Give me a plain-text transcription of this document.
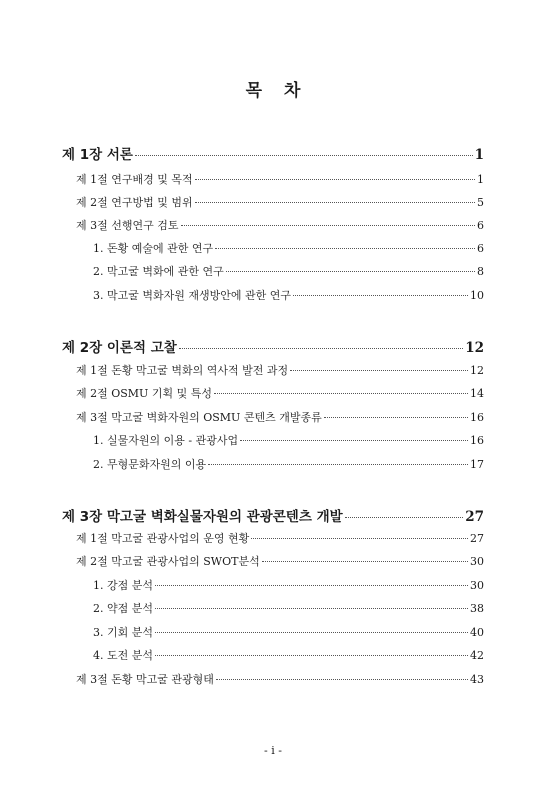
목 차
제 1장 서론	1
제 1절 연구배경 및 목적	1
제 2절 연구방법 및 범위	5
제 3절 선행연구 검토	6
1. 돈황 예술에 관한 연구	6
2. 막고굴 벽화에 관한 연구	8
3. 막고굴 벽화자원 재생방안에 관한 연구	10
제 2장 이론적 고찰	12
제 1절 돈황 막고굴 벽화의 역사적 발전 과정	12
제 2절 OSMU 기획 및 특성	14
제 3절 막고굴 벽화자원의 OSMU 콘텐츠 개발종류	16
1. 실물자원의 이용 - 관광사업	16
2. 무형문화자원의 이용	17
제 3장 막고굴 벽화실물자원의 관광콘텐츠 개발	27
제 1절 막고굴 관광사업의 운영 현황	27
제 2절 막고굴 관광사업의 SWOT분석	30
1. 강점 분석	30
2. 약점 분석	38
3. 기회 분석	40
4. 도전 분석	42
제 3절 돈황 막고굴 관광형태	43
- i -
